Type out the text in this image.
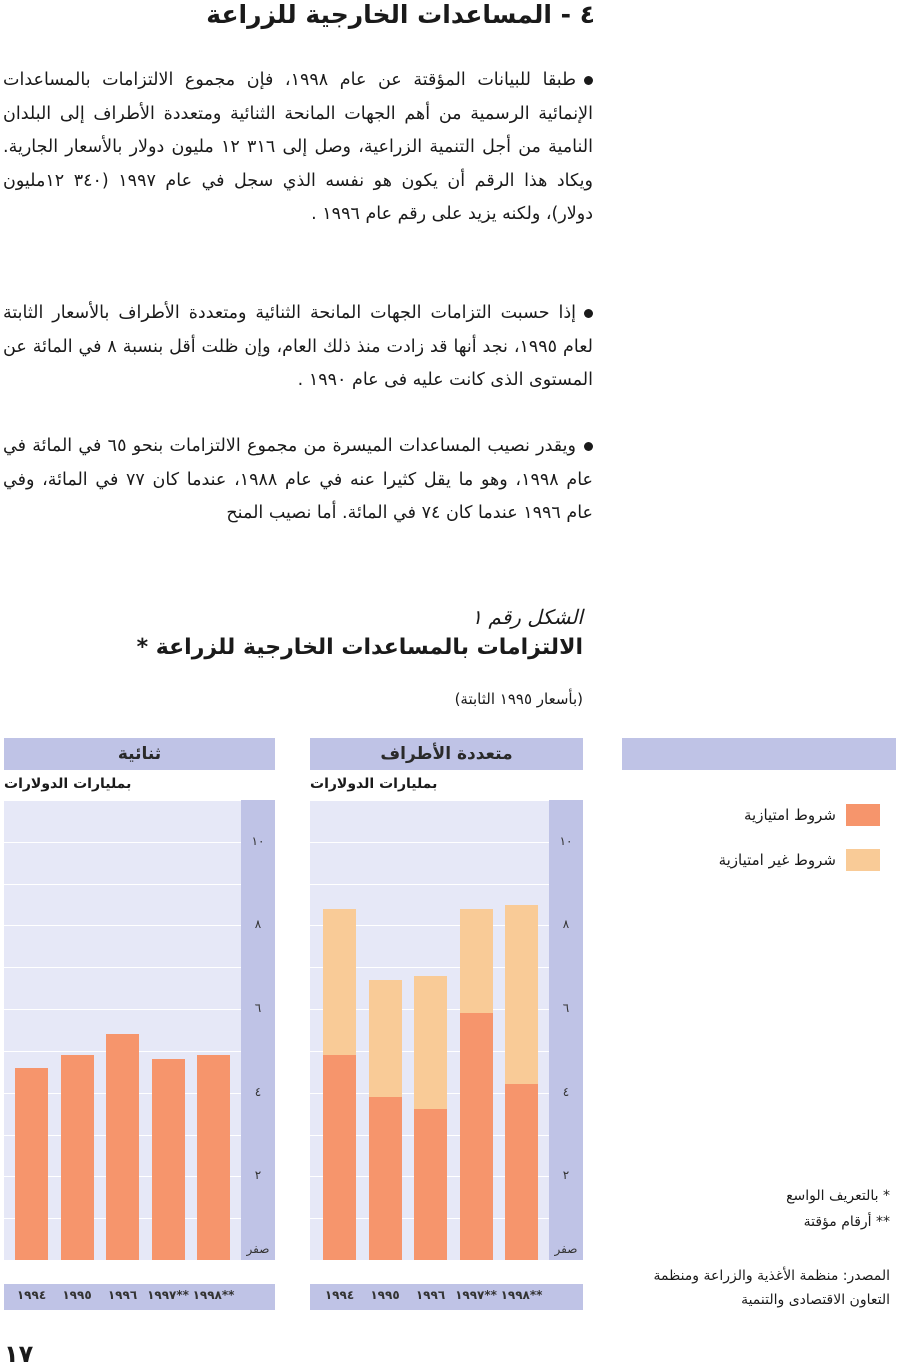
٤ - المساعدات الخارجية للزراعة

طبقا للبيانات المؤقتة عن عام ١٩٩٨، فإن مجموع الالتزامات بالمساعدات الإنمائية الرسمية من أهم الجهات المانحة الثنائية ومتعددة الأطراف إلى البلدان النامية من أجل التنمية الزراعية، وصل إلى ٣١٦ ١٢ مليون دولار بالأسعار الجارية. ويكاد هذا الرقم أن يكون هو نفسه الذي سجل في عام ١٩٩٧ (٣٤٠ ١٢مليون دولار)، ولكنه يزيد على رقم عام ١٩٩٦ .

إذا حسبت التزامات الجهات المانحة الثنائية ومتعددة الأطراف بالأسعار الثابتة لعام ١٩٩٥، نجد أنها قد زادت منذ ذلك العام، وإن ظلت أقل بنسبة ٨ في المائة عن المستوى الذى كانت عليه فى عام ١٩٩٠ .

ويقدر نصيب المساعدات الميسرة من مجموع الالتزامات بنحو ٦٥ في المائة في عام ١٩٩٨، وهو ما يقل كثيرا عنه في عام ١٩٨٨، عندما كان ٧٧ في المائة، وفي عام ١٩٩٦ عندما كان ٧٤ في المائة. أما نصيب المنح

الشكل رقم ١
الالتزامات بالمساعدات الخارجية للزراعة *
(بأسعار ١٩٩٥ الثابتة)
متعددة الأطراف
بمليارات الدولارات
صفر
٢
٤
٦
٨
١٠
١٩٩٨**
١٩٩٧**
١٩٩٦
١٩٩٥
١٩٩٤
ثنائية
بمليارات الدولارات
صفر
٢
٤
٦
٨
١٠
١٩٩٨**
١٩٩٧**
١٩٩٦
١٩٩٥
١٩٩٤
شروط امتيازية
شروط غير امتيازية
* بالتعريف الواسع
** أرقام مؤقتة
المصدر: منظمة الأغذية والزراعة ومنظمة التعاون الاقتصادى والتنمية
١٧
